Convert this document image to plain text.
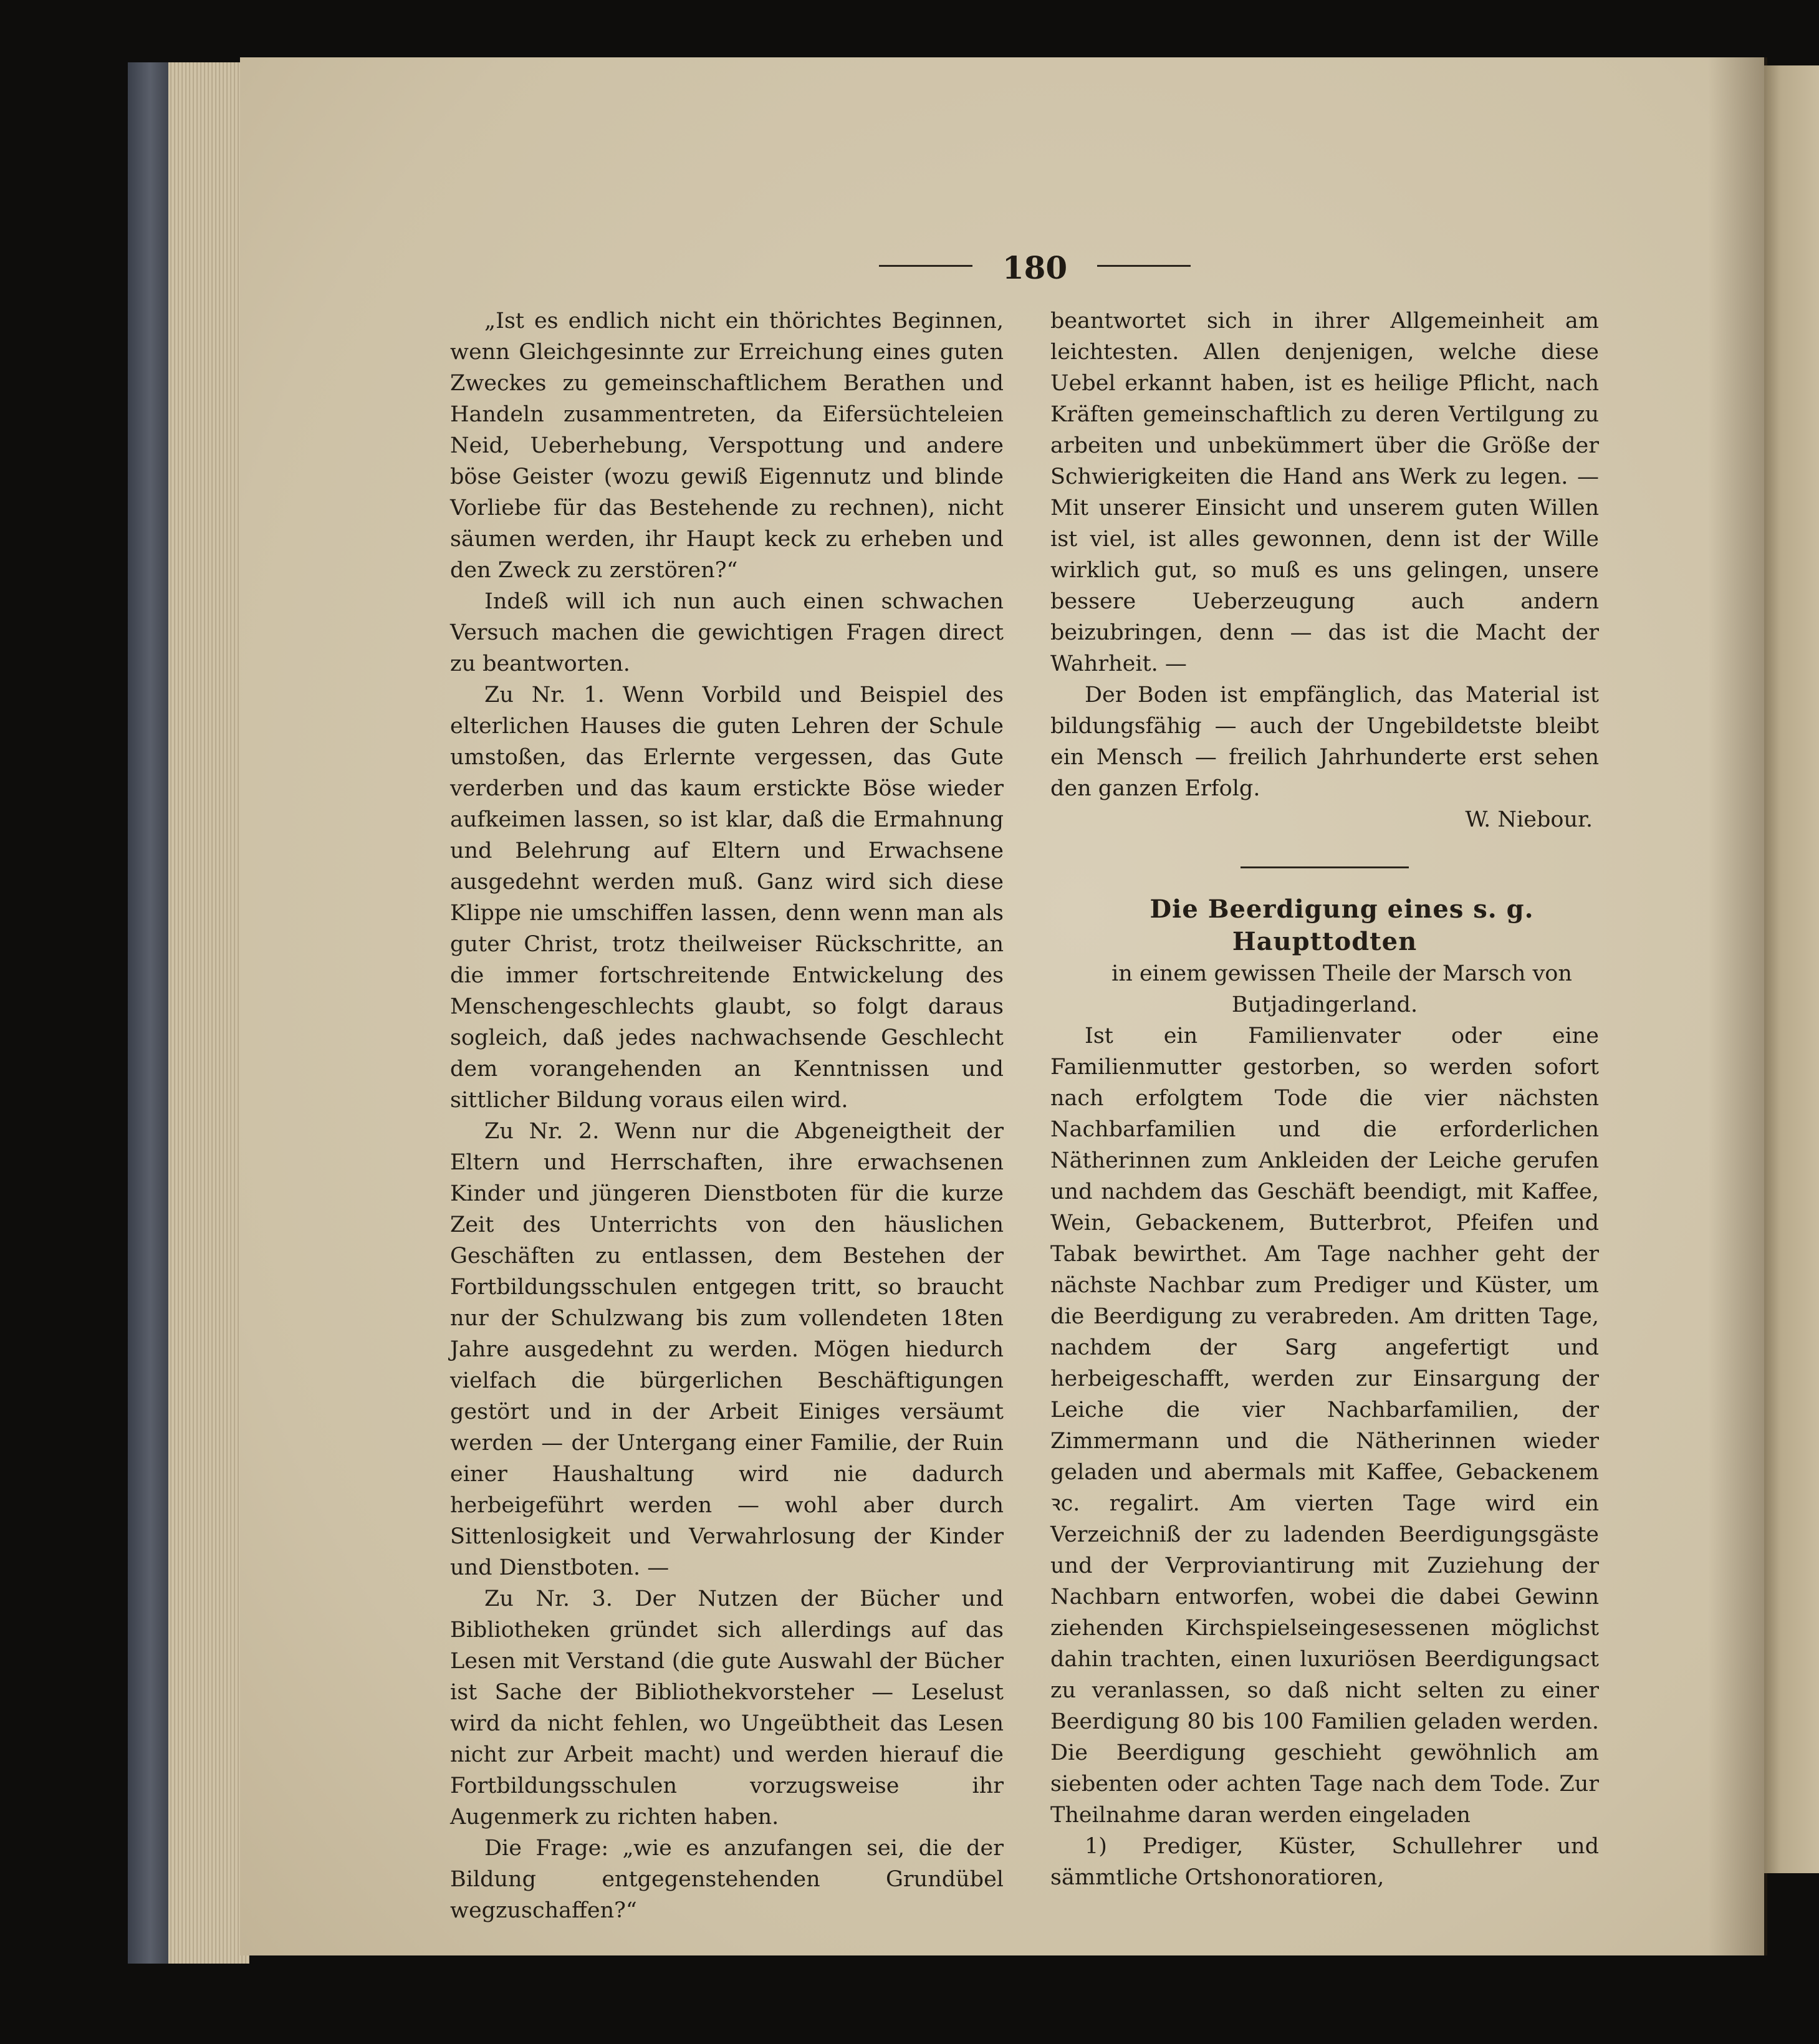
180

„Ist es endlich nicht ein thörichtes Beginnen, wenn Gleichgesinnte zur Erreichung eines guten Zweckes zu gemeinschaftlichem Berathen und Handeln zusammentreten, da Eifersüchteleien Neid, Ueberhebung, Verspottung und andere böse Geister (wozu gewiß Eigennutz und blinde Vorliebe für das Bestehende zu rechnen), nicht säumen werden, ihr Haupt keck zu erheben und den Zweck zu zerstören?“

Indeß will ich nun auch einen schwachen Versuch machen die gewichtigen Fragen direct zu beantworten.

Zu Nr. 1. Wenn Vorbild und Beispiel des elterlichen Hauses die guten Lehren der Schule umstoßen, das Erlernte vergessen, das Gute verderben und das kaum erstickte Böse wieder aufkeimen lassen, so ist klar, daß die Ermahnung und Belehrung auf Eltern und Erwachsene ausgedehnt werden muß. Ganz wird sich diese Klippe nie umschiffen lassen, denn wenn man als guter Christ, trotz theilweiser Rückschritte, an die immer fortschreitende Entwickelung des Menschengeschlechts glaubt, so folgt daraus sogleich, daß jedes nachwachsende Geschlecht dem vorangehenden an Kenntnissen und sittlicher Bildung voraus eilen wird.

Zu Nr. 2. Wenn nur die Abgeneigtheit der Eltern und Herrschaften, ihre erwachsenen Kinder und jüngeren Dienstboten für die kurze Zeit des Unterrichts von den häuslichen Geschäften zu entlassen, dem Bestehen der Fortbildungsschulen entgegen tritt, so braucht nur der Schulzwang bis zum vollendeten 18ten Jahre ausgedehnt zu werden. Mögen hiedurch vielfach die bürgerlichen Beschäftigungen gestört und in der Arbeit Einiges versäumt werden — der Untergang einer Familie, der Ruin einer Haushaltung wird nie dadurch herbeigeführt werden — wohl aber durch Sittenlosigkeit und Verwahrlosung der Kinder und Dienstboten. —

Zu Nr. 3. Der Nutzen der Bücher und Bibliotheken gründet sich allerdings auf das Lesen mit Verstand (die gute Auswahl der Bücher ist Sache der Bibliothekvorsteher — Leselust wird da nicht fehlen, wo Ungeübtheit das Lesen nicht zur Arbeit macht) und werden hierauf die Fortbildungsschulen vorzugsweise ihr Augenmerk zu richten haben.

Die Frage: „wie es anzufangen sei, die der Bildung entgegenstehenden Grundübel wegzuschaffen?“

beantwortet sich in ihrer Allgemeinheit am leichtesten. Allen denjenigen, welche diese Uebel erkannt haben, ist es heilige Pflicht, nach Kräften gemeinschaftlich zu deren Vertilgung zu arbeiten und unbekümmert über die Größe der Schwierigkeiten die Hand ans Werk zu legen. — Mit unserer Einsicht und unserem guten Willen ist viel, ist alles gewonnen, denn ist der Wille wirklich gut, so muß es uns gelingen, unsere bessere Ueberzeugung auch andern beizubringen, denn — das ist die Macht der Wahrheit. —

Der Boden ist empfänglich, das Material ist bildungsfähig — auch der Ungebildetste bleibt ein Mensch — freilich Jahrhunderte erst sehen den ganzen Erfolg.

W. Niebour.

Die Beerdigung eines s. g. Haupttodten

in einem gewissen Theile der Marsch von Butjadingerland.

Ist ein Familienvater oder eine Familienmutter gestorben, so werden sofort nach erfolgtem Tode die vier nächsten Nachbarfamilien und die erforderlichen Nätherinnen zum Ankleiden der Leiche gerufen und nachdem das Geschäft beendigt, mit Kaffee, Wein, Gebackenem, Butterbrot, Pfeifen und Tabak bewirthet. Am Tage nachher geht der nächste Nachbar zum Prediger und Küster, um die Beerdigung zu verabreden. Am dritten Tage, nachdem der Sarg angefertigt und herbeigeschafft, werden zur Einsargung der Leiche die vier Nachbarfamilien, der Zimmermann und die Nätherinnen wieder geladen und abermals mit Kaffee, Gebackenem ꝛc. regalirt. Am vierten Tage wird ein Verzeichniß der zu ladenden Beerdigungsgäste und der Verproviantirung mit Zuziehung der Nachbarn entworfen, wobei die dabei Gewinn ziehenden Kirchspielseingesessenen möglichst dahin trachten, einen luxuriösen Beerdigungsact zu veranlassen, so daß nicht selten zu einer Beerdigung 80 bis 100 Familien geladen werden. Die Beerdigung geschieht gewöhnlich am siebenten oder achten Tage nach dem Tode. Zur Theilnahme daran werden eingeladen

1) Prediger, Küster, Schullehrer und sämmtliche Ortshonoratioren,
